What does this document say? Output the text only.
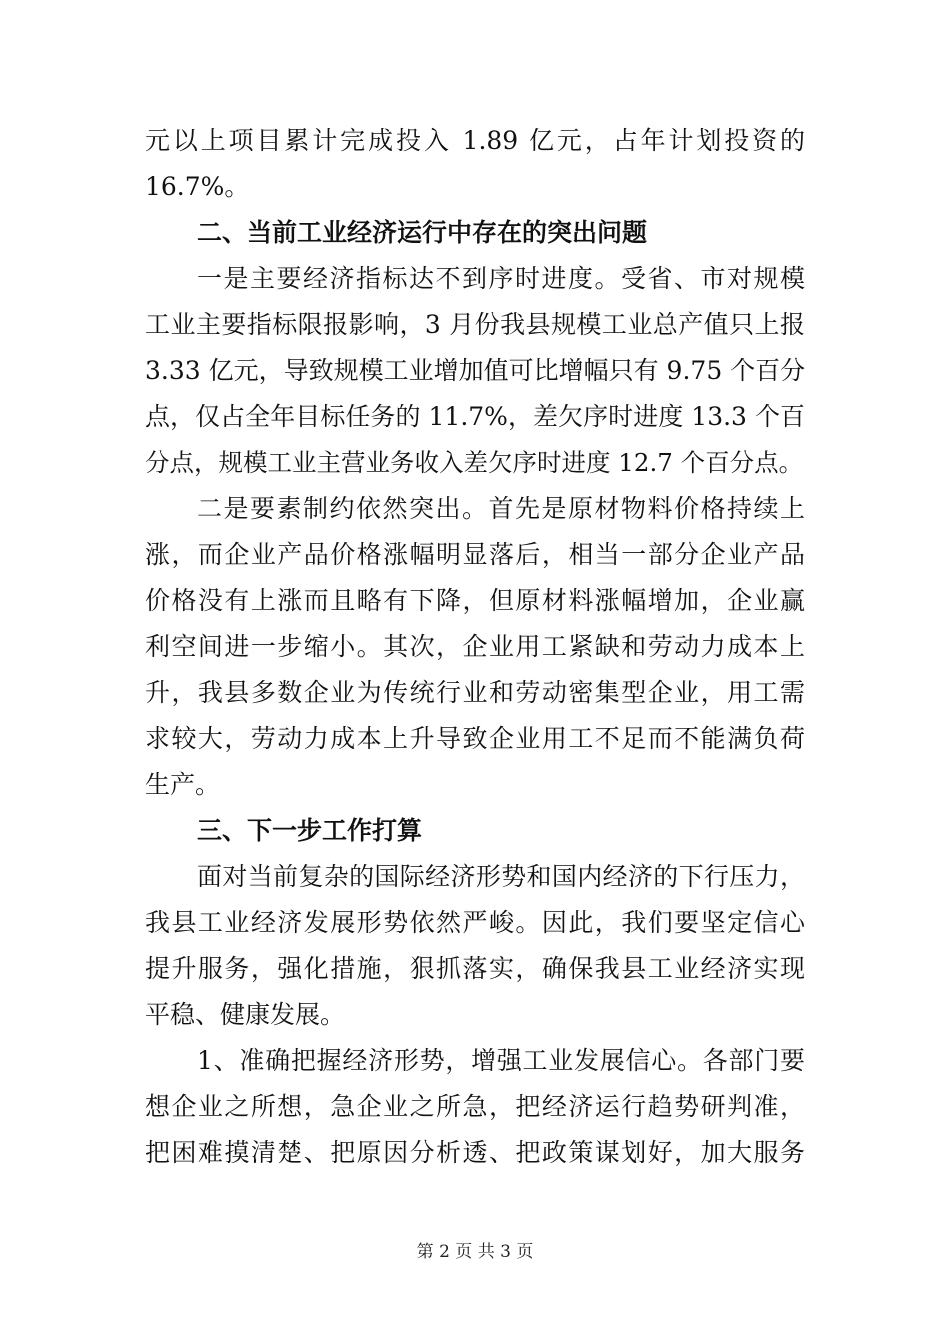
元以上项目累计完成投入 1.89 亿元，占年计划投资的
16.7%。
二、当前工业经济运行中存在的突出问题
一是主要经济指标达不到序时进度。受省、市对规模
工业主要指标限报影响，3 月份我县规模工业总产值只上报
3.33 亿元，导致规模工业增加值可比增幅只有 9.75 个百分
点，仅占全年目标任务的 11.7%，差欠序时进度 13.3 个百
分点，规模工业主营业务收入差欠序时进度 12.7 个百分点。
二是要素制约依然突出。首先是原材物料价格持续上
涨，而企业产品价格涨幅明显落后，相当一部分企业产品
价格没有上涨而且略有下降，但原材料涨幅增加，企业赢
利空间进一步缩小。其次，企业用工紧缺和劳动力成本上
升，我县多数企业为传统行业和劳动密集型企业，用工需
求较大，劳动力成本上升导致企业用工不足而不能满负荷
生产。
三、下一步工作打算
面对当前复杂的国际经济形势和国内经济的下行压力，
我县工业经济发展形势依然严峻。因此，我们要坚定信心
提升服务，强化措施，狠抓落实，确保我县工业经济实现
平稳、健康发展。
1、准确把握经济形势，增强工业发展信心。各部门要
想企业之所想，急企业之所急，把经济运行趋势研判准，
把困难摸清楚、把原因分析透、把政策谋划好，加大服务
第 2 页 共 3 页
